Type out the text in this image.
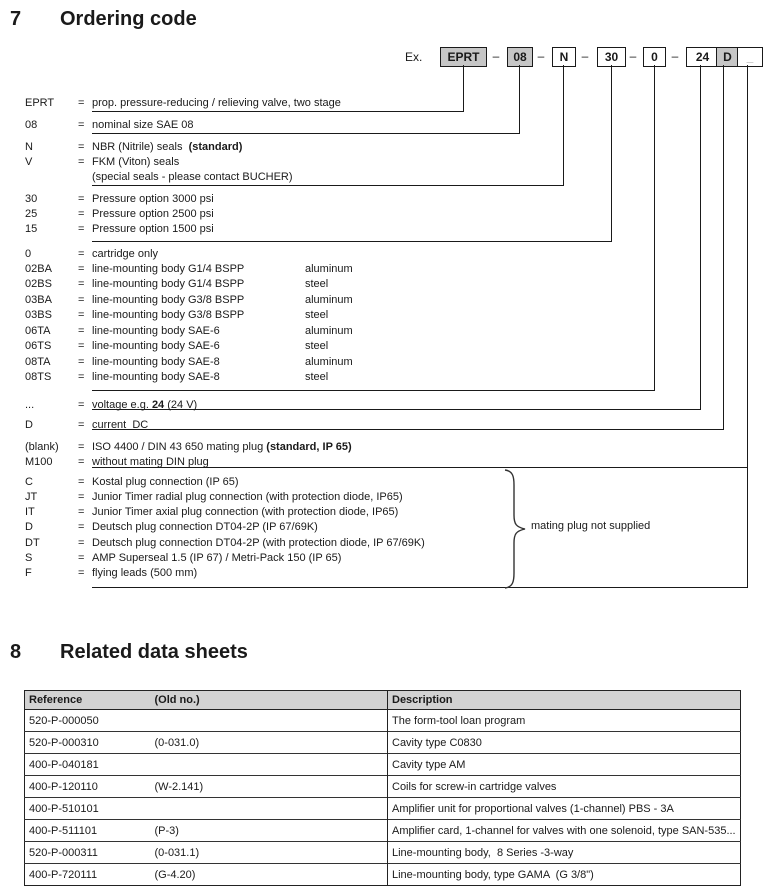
7 Ordering code
Ex.	EPRT	–	08 –	N	–	30 –	0	–	24	D	_
EPRT = prop. pressure-reducing / relieving valve, two stage
08	= nominal size SAE 08
N	= NBR (Nitrile) seals  (standard)
V	= FKM (Viton) seals
(special seals - please contact BUCHER)
30	= Pressure option 3000 psi
25	= Pressure option 2500 psi
15	= Pressure option 1500 psi
0	= cartridge only
02BA = line-mounting body G1/4 BSPP	aluminum
02BS = line-mounting body G1/4 BSPP	steel
03BA = line-mounting body G3/8 BSPP	aluminum
03BS = line-mounting body G3/8 BSPP	steel
06TA	= line-mounting body SAE-6	aluminum
06TS = line-mounting body SAE-6	steel
08TA	= line-mounting body SAE-8	aluminum
08TS = line-mounting body SAE-8	steel
...	= voltage e.g. 24 (24 V)
D	= current  DC
(blank) = ISO 4400 / DIN 43 650 mating plug (standard, IP 65)
M100 = without mating DIN plug
C	= Kostal plug connection (IP 65)
JT	= Junior Timer radial plug connection (with protection diode, IP65)
IT	= Junior Timer axial plug connection (with protection diode, IP65)
D	= Deutsch plug connection DT04-2P (IP 67/69K)
DT	= Deutsch plug connection DT04-2P (with protection diode, IP 67/69K)
S	= AMP Superseal 1.5 (IP 67) / Metri-Pack 150 (IP 65)
F	= flying leads (500 mm)
mating plug not supplied
8 Related data sheets
Reference	(Old no.)	Description
520-P-000050		The form-tool loan program
520-P-000310	(0-031.0)	Cavity type C0830
400-P-040181		Cavity type AM
400-P-120110	(W-2.141)	Coils for screw-in cartridge valves
400-P-510101		Amplifier unit for proportional valves (1-channel) PBS - 3A
400-P-511101	(P-3)	Amplifier card, 1-channel for valves with one solenoid, type SAN-535...
520-P-000311	(0-031.1)	Line-mounting body,  8 Series -3-way
400-P-720111	(G-4.20)	Line-mounting body, type GAMA  (G 3/8")
